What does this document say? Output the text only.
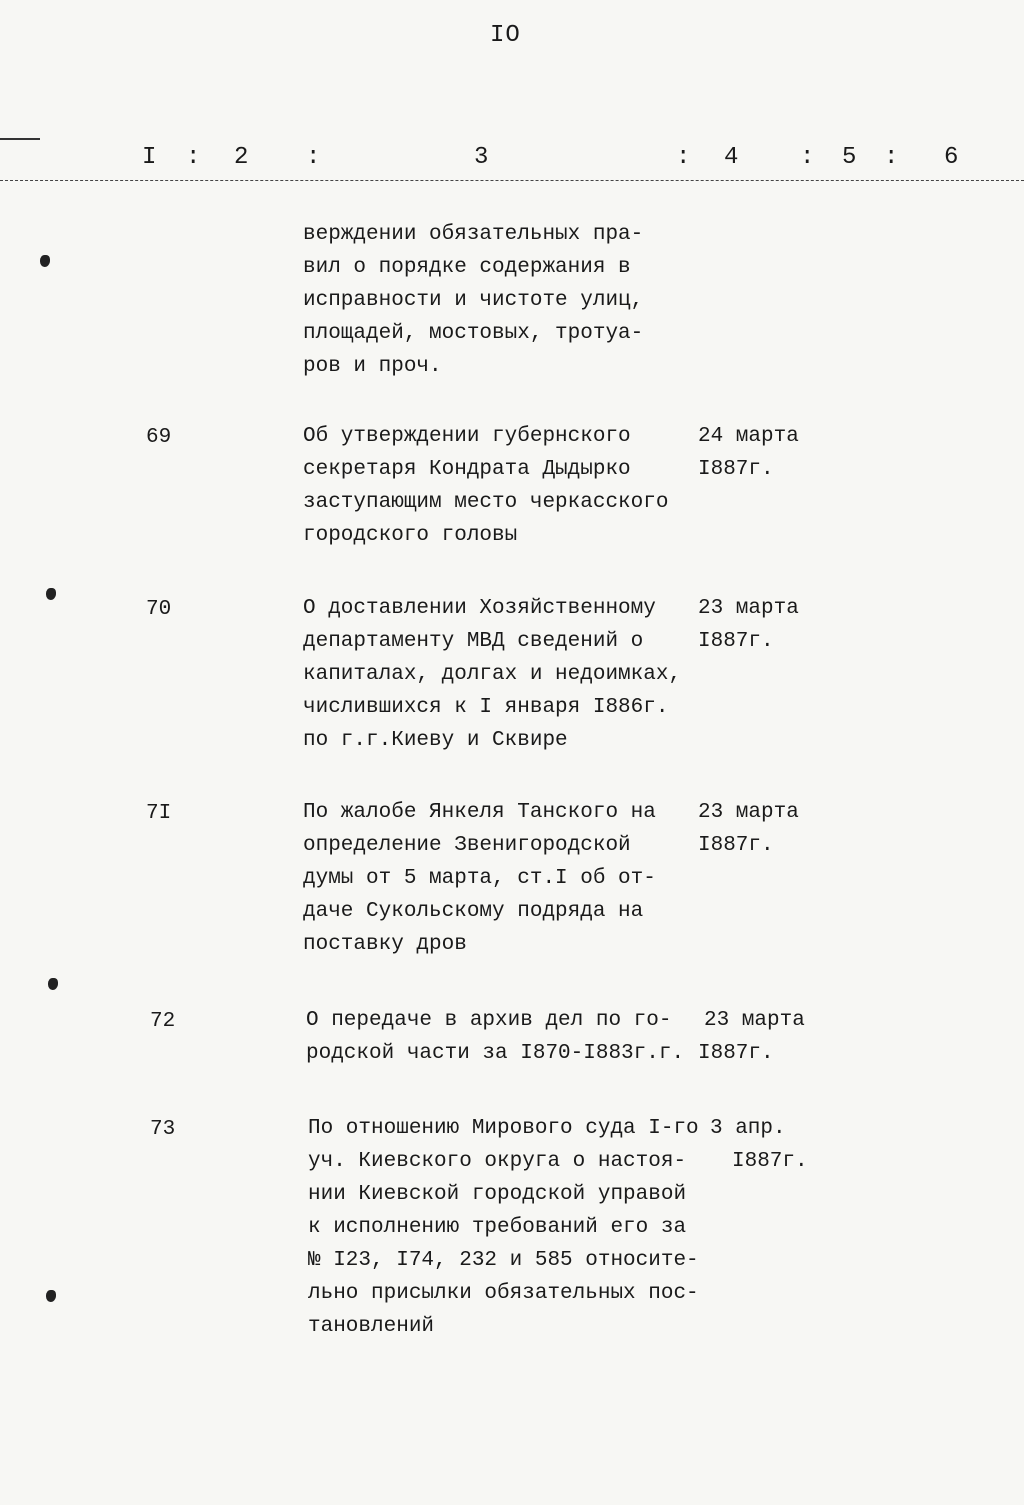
IO
I : 2 :	3	: 4	: 5 : 6
верждении обязательных пра-
вил о порядке содержания в
исправности и чистоте улиц,
площадей, мостовых, тротуа-
ров и проч.
69	Об утверждении губернского
секретаря Кондрата Дыдырко
заступающим место черкасского
городского головы
24 марта
I887г.
70	О доставлении Хозяйственному
департаменту МВД сведений о
капиталах, долгах и недоимках,
числившихся к I января I886г.
по г.г.Киеву и Сквире
23 марта
I887г.
7I	По жалобе Янкеля Танского на
определение Звенигородской
думы от 5 марта, ст.I об от-
даче Сукольскому подряда на
поставку дров
23 марта
I887г.
72	О передаче в архив дел по го-
родской части за I870-I883г.г.
23 марта
I887г.
73	По отношению Мирового суда I-го
уч. Киевского округа о настоя-
нии Киевской городской управой
к исполнению требований его за
№ I23, I74, 232 и 585 относите-
льно присылки обязательных пос-
тановлений
3 апр.
I887г.
